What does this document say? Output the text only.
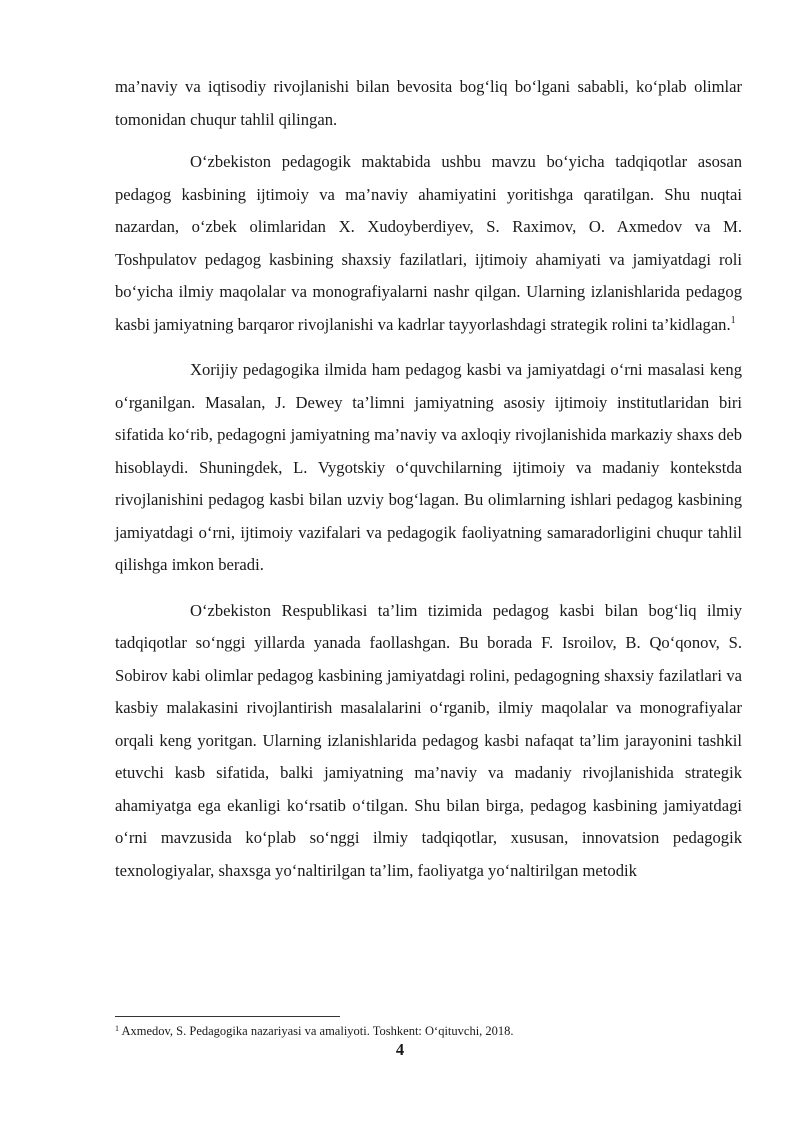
ma’naviy va iqtisodiy rivojlanishi bilan bevosita bog‘liq bo‘lgani sababli, ko‘plab olimlar tomonidan chuqur tahlil qilingan.

O‘zbekiston pedagogik maktabida ushbu mavzu bo‘yicha tadqiqotlar asosan pedagog kasbining ijtimoiy va ma’naviy ahamiyatini yoritishga qaratilgan. Shu nuqtai nazardan, o‘zbek olimlaridan X. Xudoyberdiyev, S. Raximov, O. Axmedov va M. Toshpulatov pedagog kasbining shaxsiy fazilatlari, ijtimoiy ahamiyati va jamiyatdagi roli bo‘yicha ilmiy maqolalar va monografiyalarni nashr qilgan. Ularning izlanishlarida pedagog kasbi jamiyatning barqaror rivojlanishi va kadrlar tayyorlashdagi strategik rolini ta’kidlagan.$^1$

Xorijiy pedagogika ilmida ham pedagog kasbi va jamiyatdagi o‘rni masalasi keng o‘rganilgan. Masalan, J. Dewey ta’limni jamiyatning asosiy ijtimoiy institutlaridan biri sifatida ko‘rib, pedagogni jamiyatning ma’naviy va axloqiy rivojlanishida markaziy shaxs deb hisoblaydi. Shuningdek, L. Vygotskiy o‘quvchilarning ijtimoiy va madaniy kontekstda rivojlanishini pedagog kasbi bilan uzviy bog‘lagan. Bu olimlarning ishlari pedagog kasbining jamiyatdagi o‘rni, ijtimoiy vazifalari va pedagogik faoliyatning samaradorligini chuqur tahlil qilishga imkon beradi.

O‘zbekiston Respublikasi ta’lim tizimida pedagog kasbi bilan bog‘liq ilmiy tadqiqotlar so‘nggi yillarda yanada faollashgan. Bu borada F. Isroilov, B. Qo‘qonov, S. Sobirov kabi olimlar pedagog kasbining jamiyatdagi rolini, pedagogning shaxsiy fazilatlari va kasbiy malakasini rivojlantirish masalalarini o‘rganib, ilmiy maqolalar va monografiyalar orqali keng yoritgan. Ularning izlanishlarida pedagog kasbi nafaqat ta’lim jarayonini tashkil etuvchi kasb sifatida, balki jamiyatning ma’naviy va madaniy rivojlanishida strategik ahamiyatga ega ekanligi ko‘rsatib o‘tilgan. Shu bilan birga, pedagog kasbining jamiyatdagi o‘rni mavzusida ko‘plab so‘nggi ilmiy tadqiqotlar, xususan, innovatsion pedagogik texnologiyalar, shaxsga yo‘naltirilgan ta’lim, faoliyatga yo‘naltirilgan metodik

$^1$ Axmedov, S. Pedagogika nazariyasi va amaliyoti. Toshkent: O‘qituvchi, 2018.
4
